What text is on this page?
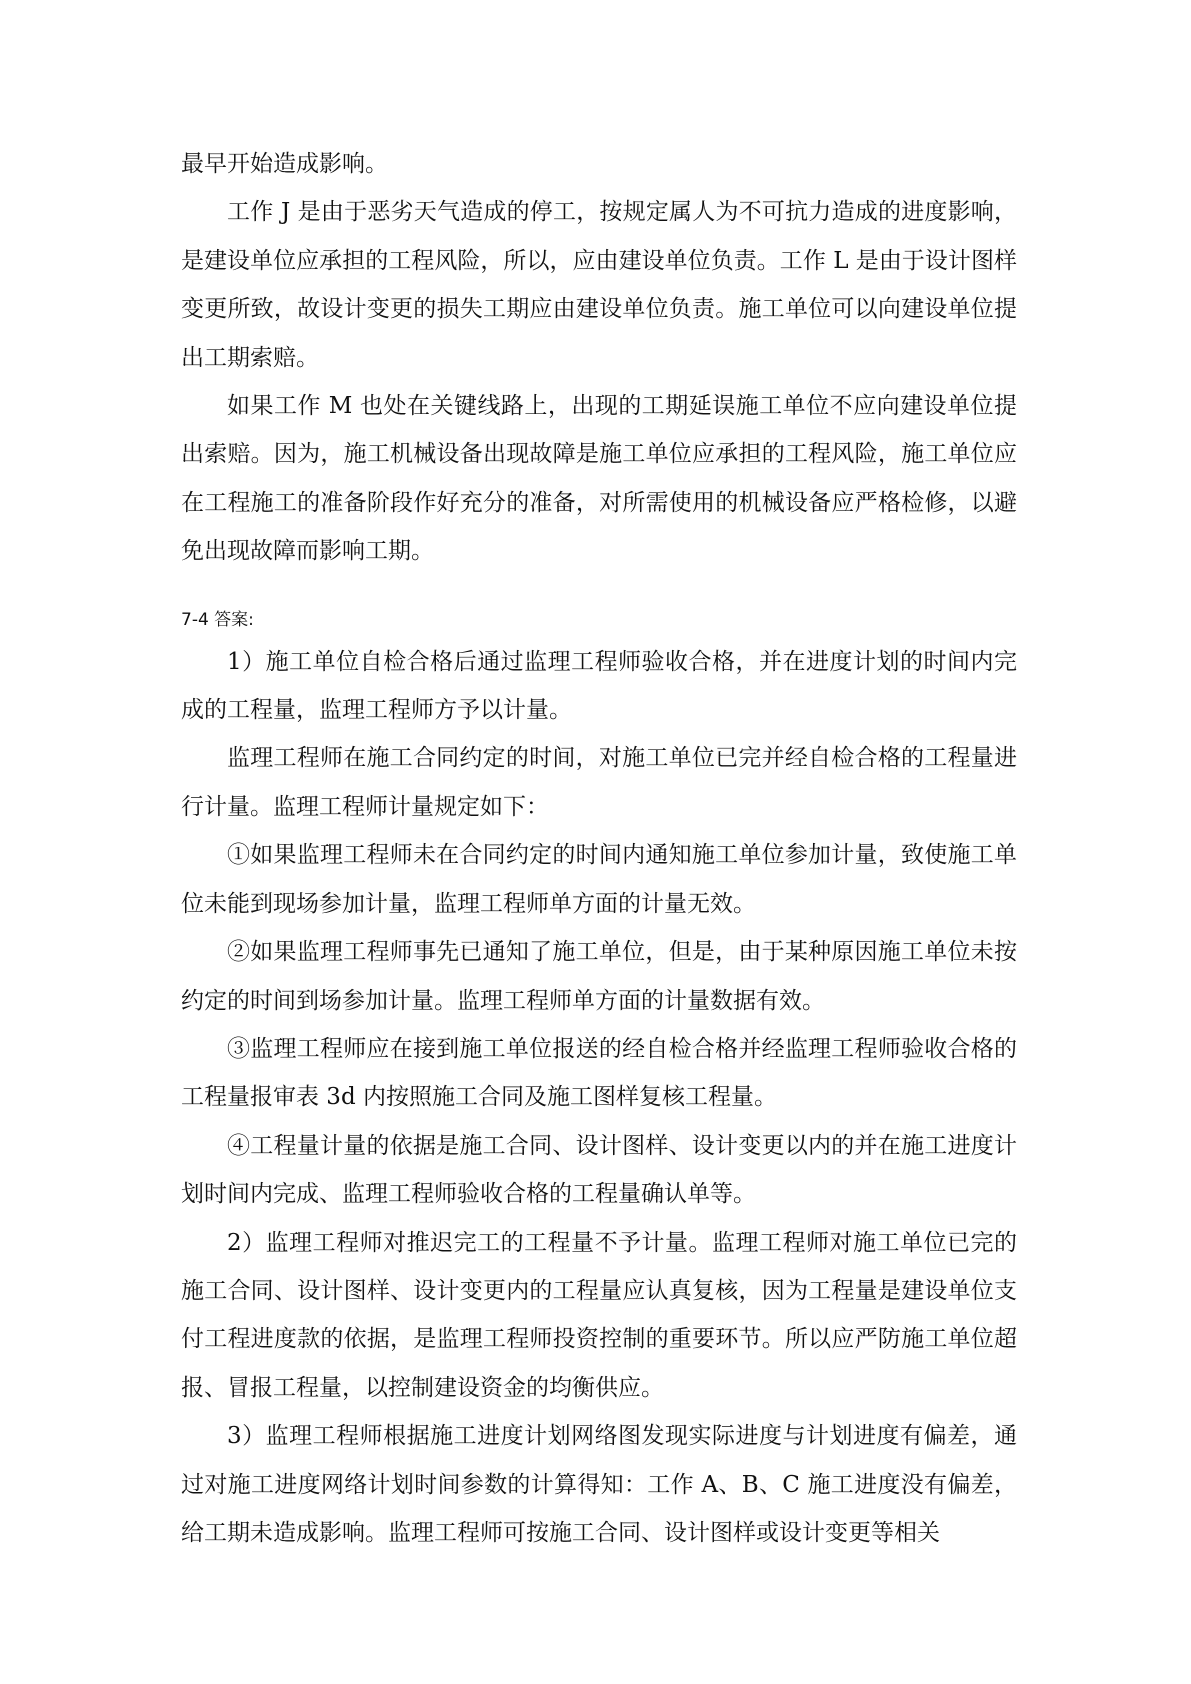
最早开始造成影响。

工作 J 是由于恶劣天气造成的停工，按规定属人为不可抗力造成的进度影响，是建设单位应承担的工程风险，所以，应由建设单位负责。工作 L 是由于设计图样变更所致，故设计变更的损失工期应由建设单位负责。施工单位可以向建设单位提出工期索赔。

如果工作 M 也处在关键线路上，出现的工期延误施工单位不应向建设单位提出索赔。因为，施工机械设备出现故障是施工单位应承担的工程风险，施工单位应在工程施工的准备阶段作好充分的准备，对所需使用的机械设备应严格检修，以避免出现故障而影响工期。

7-4 答案:

1）施工单位自检合格后通过监理工程师验收合格，并在进度计划的时间内完成的工程量，监理工程师方予以计量。

监理工程师在施工合同约定的时间，对施工单位已完并经自检合格的工程量进行计量。监理工程师计量规定如下：

①如果监理工程师未在合同约定的时间内通知施工单位参加计量，致使施工单位未能到现场参加计量，监理工程师单方面的计量无效。

②如果监理工程师事先已通知了施工单位，但是，由于某种原因施工单位未按约定的时间到场参加计量。监理工程师单方面的计量数据有效。

③监理工程师应在接到施工单位报送的经自检合格并经监理工程师验收合格的工程量报审表 3d 内按照施工合同及施工图样复核工程量。

④工程量计量的依据是施工合同、设计图样、设计变更以内的并在施工进度计划时间内完成、监理工程师验收合格的工程量确认单等。

2）监理工程师对推迟完工的工程量不予计量。监理工程师对施工单位已完的施工合同、设计图样、设计变更内的工程量应认真复核，因为工程量是建设单位支付工程进度款的依据，是监理工程师投资控制的重要环节。所以应严防施工单位超报、冒报工程量，以控制建设资金的均衡供应。

3）监理工程师根据施工进度计划网络图发现实际进度与计划进度有偏差，通过对施工进度网络计划时间参数的计算得知：工作 A、B、C 施工进度没有偏差，给工期未造成影响。监理工程师可按施工合同、设计图样或设计变更等相关
